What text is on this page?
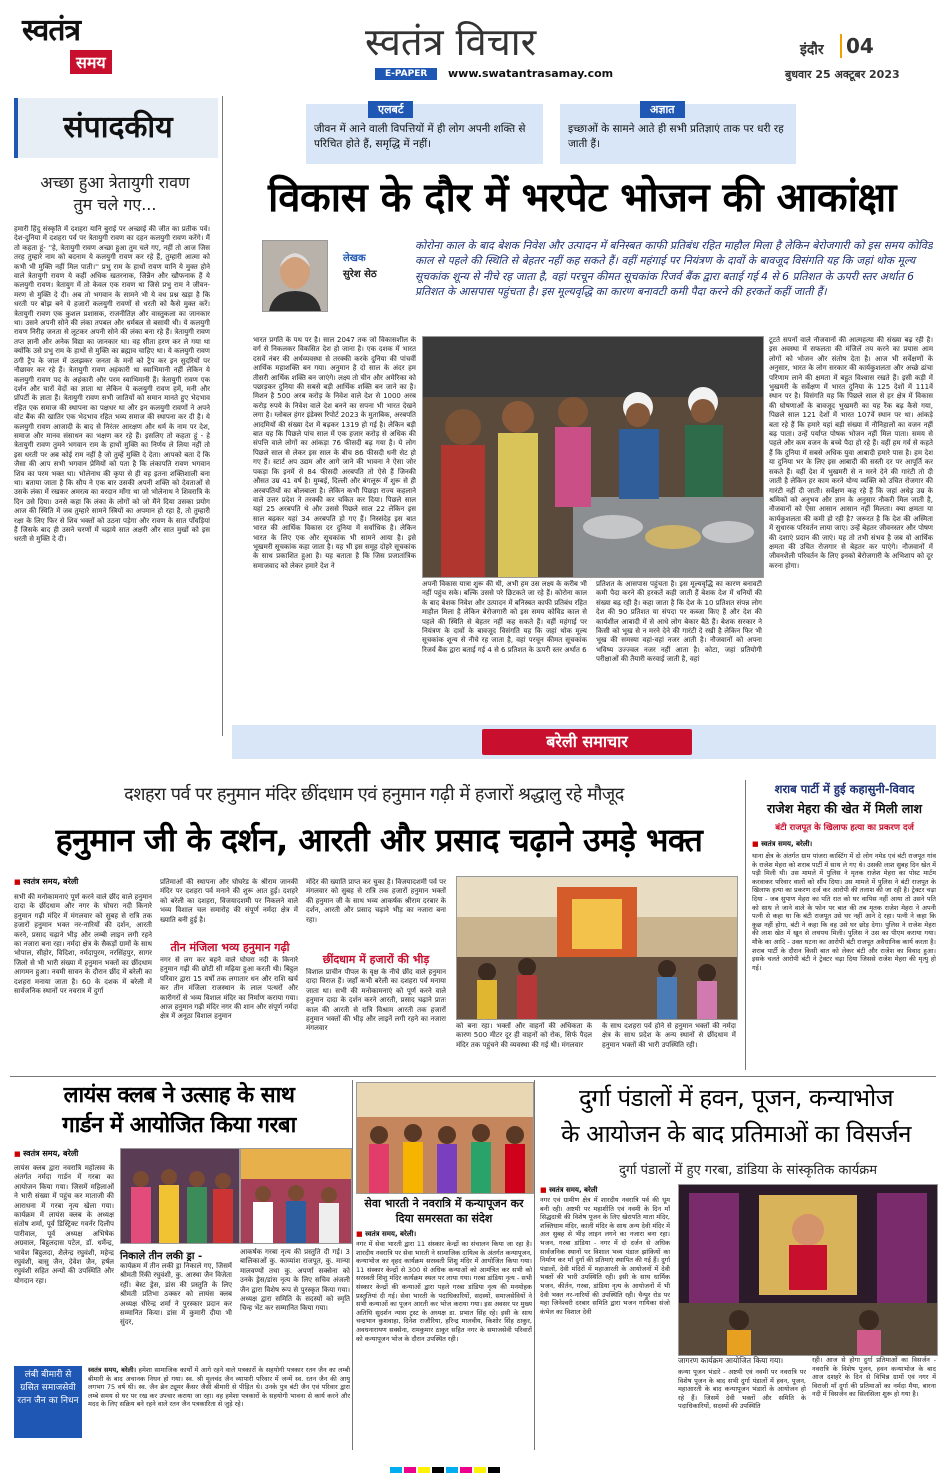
स्वतंत्र
समय	स्वतंत्र विचार
E-PAPER	www.swatantrasamay.com
इंदौर	04
बुधवार 25 अक्टूबर 2023
संपादकीय
अच्छा हुआ त्रेतायुगी रावण तुम चले गए...
हमारी हिंदु संस्कृति में दशहरा यानि बुराई पर अच्छाई की जीत का प्रतीक पर्व। देश-दुनिया में दशहरा पर्व पर त्रेतायुगी रावण का दहन कलयुगी रावण करेंगे। मैं तो कहता हूं- ''हे, त्रेतायुगी रावण अच्छा हुआ तुम चले गए, नहीं तो आज जिस तरह तुम्हारे नाम को बदनाम ये कलयुगी रावण कर रहे हैं, तुम्हारी आत्मा को कभी भी मुक्ति नहीं मिल पाती।'' प्रभु राम के हाथों रावण यानि ये मुक्त होने वाले त्रेतायुगी रावण ये कहीं अधिक खतरनाक, जिन्नैन और खौफनाक हैं ये कलयुगी रावण। त्रेतायुग में तो केवल एक रावण था जिसे प्रभु राम ने जीवन-मरण से मुक्ति दे दी। अब तो भगवान के सामने भी ये वध प्रश्न खड़ा है कि धरती पर बोझ बने ये हजारों कलयुगी रावणों से धरती को कैसे मुक्त करें। त्रेतायुगी रावण एक कुशल प्रशासक, राजनीतिज्ञ और वास्तुकला का जानकार था। उसने अपनी सोने की लंका तपबल और धर्मबल से बसायी थी। ये कलयुगी रावण निरीह जनता से लूटकर अपनी सोने की लंका बना रहे हैं। त्रेतायुगी रावण तप्त ज्ञानी और अनेक विद्या का जानकार था। वह सीता हरण कर ले गया था क्योंकि उसे प्रभु राम के हाथों से मुक्ति का ब्रह्माव चाहिए था। ये कलयुगी रावण ठगी ट्रैप के जाल में उलझकर जनता के मनों को ट्रैप कर इन सुदरियों पर नौछावर कर रहे हैं। त्रेतायुगी रावण अहंकारी था स्वाभिमानी नहीं लेकिन ये कलयुगी रावण पद के अहंकारी और परम स्वाभिमानी हैं। त्रेतायुगी रावण एक दर्शन और चारों वेदों का ज्ञाता था लेकिन ये कलयुगी रावण हमें, मनी और प्रॉपर्टी के ज्ञाता हैं। त्रेतायुगी रावण सभी जातियों को समान मानते हुए भेदभाव रहित एक समाज की स्थापना का पक्षधर था और इन कलयुगी रावणों ने अपने वोट बैंक की खातिर एक भेदभाव रहित भव्य समाज की स्थापना कर दी है। ये कलयुगी रावण आजादी के बाद से निरंतर आरक्षण और धर्म के नाम पर देश, समाज और मानव संसाधन का भक्षण कर रहे हैं। इसलिए तो कहता हूं - हे त्रेतायुगी रावण तुमने भगवान राम के हाथों मुक्ति का निर्णय ले लिया नहीं तो इस धरती पर अब कोई राम नहीं है जो तुम्हें मुक्ति दे देता। आपको बता दें कि जैसा की आप सभी भगवान प्रेमियों को पता है कि लंकापति रावण भगवान शिव का परम भक्त था। भोलेनाथ की कृपा से ही वह इतना शक्तिशाली बना था। बताया जाता है कि सौप ने एक बार उसकी अपनी शक्ति को देवताओं से उसके लंका में रखकर अमरत्व का वरदान माँगा था जो भोलेनाथ ने शिवरात्रि के दिन उसे दिया। उनसे कहा कि लंका के लोगों को जो मैंने दिया उसका प्रयोग आज की स्थिति में जब तुम्हारे सामने स्त्रियों का अपमान हो रहा है, तो तुम्हारी रक्षा के लिए फिर से शिव भक्तों को उठना पड़ेगा और रावण के सात पाँवड़ियां हैं जिसके बाद ही उसने चरणों में चढ़ाये सात अक्षरी और सात मुखों को इस धरती से मुक्ति दे दी।
एलबर्ट
जीवन में आने वाली विपत्तियों में ही लोग अपनी शक्ति से परिचित होते हैं, समृद्धि में नहीं।
अज्ञात
इच्छाओं के सामने आते ही सभी प्रतिज्ञाएं ताक पर धरी रह जाती हैं।
विकास के दौर में भरपेट भोजन की आकांक्षा
लेखक
सुरेश सेठ
कोरोना काल के बाद बेशक निवेश और उत्पादन में बनिस्बत काफी प्रतिबंध रहित माहौल मिला है लेकिन बेरोजगारी को इस समय कोविड काल से पहले की स्थिति से बेहतर नहीं कह सकते हैं। वहीं महंगाई पर नियंत्रण के दावों के बावजूद विसंगति यह कि जहां थोक मूल्य सूचकांक शून्य से नीचे रह जाता है, वहां परचून कीमत सूचकांक रिजर्व बैंक द्वारा बताई गई 4 से 6 प्रतिशत के ऊपरी स्तर अर्थात 6 प्रतिशत के आसपास पहुंचता है। इस मूल्यवृद्धि का कारण बनावटी कमी पैदा करने की हरकतें कहीं जाती हैं।
भारत प्रगति के पथ पर है। साल 2047 तक जो विकासशील के वर्ग से निकलकर विकसित देश हो जाना है। एक दशक में भारत दसवें नंबर की अर्थव्यवस्था से तरक्की करके दुनिया की पांचवीं आर्थिक महाशक्ति बन गया। अनुमान है दो साल के अंदर हम तीसरी आर्थिक शक्ति बन जाएंगे। लक्ष्य तो चीन और अमेरिका को पछाड़कर दुनिया की सबसे बड़ी आर्थिक शक्ति बन जाने का है। मिशन है 500 अरब करोड़ के निवेश वाले देश से 1000 अरब करोड़ रुपये के निवेश वाले देश बनने का सपना भी भारत देखने लगा है। ग्लोबल हंगर इंडेक्स रिपोर्ट 2023 के मुताबिक, अरबपति आदमियों की संख्या देश में बढ़कर 1319 हो गई है। लेकिन बड़ी बात यह कि पिछले पांच साल में एक हजार करोड़ से अधिक की संपत्ति वाले लोगों का आंकड़ा 76 फीसदी बढ़ गया है। ये लोग पिछले साल से लेकर इस साल के बीच 86 फीसदी धनी सेट हो गए हैं। स्टार्ट अप उद्यम और आगे जाने की भावना ने ऐसा जोर पकड़ा कि इनमें से 84 फीसदी अरबपति तो ऐसे हैं जिनकी औसत उम्र 41 वर्ष है। मुम्बई, दिल्ली और बंगलूरू में शुरू से ही अरबपतियों का बोलबाला है। लेकिन कभी पिछड़ा राज्य कहलाने वाले उत्तर प्रदेश ने तरक्की कर चकित कर दिया। पिछले साल यहां 25 अरबपति थे और उससे पिछले साल 22 लेकिन इस साल बढ़कर यहां 34 अरबपति हो गए हैं। निस्संदेह इस बात भारत की आर्थिक विकास दर दुनिया में सर्वाधिक है। लेकिन भारत के लिए एक और सूचकांक भी सामने आया है। इसे भूखमरी सूचकांक कहा जाता है। यह भी इस समूह दोहरे सूचकांक के साथ प्रकाशित हुआ है। यह बताता है कि जिस प्रजातांत्रिक समाजवाद को लेकर हमारे देश ने
अपनी विकास यात्रा शुरू की थी, अभी हम उस लक्ष्य के करीब भी नहीं पहुंच सके। बल्कि उससे परे छिटकते जा रहे हैं। कोरोना काल के बाद बेशक निवेश और उत्पादन में बनिस्बत काफी प्रतिबंध रहित माहौल मिला है लेकिन बेरोजगारी को इस समय कोविड काल से पहले की स्थिति से बेहतर नहीं कह सकते हैं। वहीं महंगाई पर नियंत्रण के दावों के बावजूद विसंगति यह कि जहां थोक मूल्य सूचकांक शून्य से नीचे रह जाता है, वहां परचून कीमत सूचकांक रिजर्व बैंक द्वारा बताई गई 4 से 6 प्रतिशत के ऊपरी स्तर अर्थात 6
प्रतिशत के आसपास पहुंचता है। इस मूल्यवृद्धि का कारण बनावटी कमी पैदा करने की हरकतें कही जाती हैं बेशक देश में धनियों की संख्या बढ़ रही है। कहा जाता है कि देश के 10 प्रतिशत संपन्न लोग देश की 90 प्रतिशत या संपदा पर कब्जा किए हैं और देश की कार्यशील आबादी में से आधे लोग बेकार बैठे हैं। बेशक सरकार ने किसी को भूख से न मरने देने की गारंटी दे रखी है लेकिन फिर भी भूख की समस्या वहां-वहां नजर आती है। नौजवानों को अपना भविष्य उज्ज्वल नजर नहीं आता है। कोटा, जहां प्रतियोगी परीक्षाओं की तैयारी करवाई जाती है, वहां
टूटते सपनों वाले नौजवानों की आत्महत्या की संख्या बढ़ रही है। इस अवस्था में सफलता की मंजिलें तय करने का प्रयास आम लोगों को भोजन और संतोष देता है। आज भी सर्वेक्षणों के अनुसार, भारत के लोग सरकार की कार्यकुशलता और अच्छे ढांचा परिणाम लाने की क्षमता में बहुत विश्वास रखते हैं। इसी कड़ी में भुखमरी के सर्वेक्षण में भारत दुनिया के 125 देशों में 111वें स्थान पर है। विसंगति यह कि पिछले साल से हर क्षेत्र में विकास की घोषणाओं के बावजूद भुखमरी का यह रैंक बढ़ कैसे गया, पिछले साल 121 देशों में भारत 107वें स्थान पर था। आंकड़े बता रहे हैं कि हमारे यहां बड़ी संख्या में नौनिहालों का वजन नहीं बढ़ पाता। उन्हें पर्याप्त पोषक भोजन नहीं मिल पाता। समय से पहले और कम वजन के बच्चे पैदा हो रहे हैं। वहीं हम गर्व से कहते हैं कि दुनिया में सबसे अधिक युवा आबादी हमारे पास है। हम देश या दुनिया भर के लिए इस आबादी की सस्ती दर पर आपूर्ति कर सकते हैं। वहीं देश में भुखमरी से न मरने देने की गारंटी तो दी जाती है लेकिन हर काम करने योग्य व्यक्ति को उचित रोजगार की गारंटी नहीं दी जाती। सर्वेक्षण कह रहे हैं कि जहां अधेड़ उम्र के श्रमिकों को अनुभव और ज्ञान के अनुसार नौकरी मिल जाती है, नौजवानों को ऐसा आसान आसान नहीं मिलता। क्या क्षमता या कार्यकुशलता की कमी हो रही है? जरूरत है कि देश की अस्मिता में सुधारक परिवर्तन लाया जाए। उन्हें बेहतर जीवनस्तर और पोषण की दशाएं प्रदान की जाएं। यह तो तभी संभव है जब वो आर्थिक क्षमता की उचित रोजगार से बेहतर कर पाएंगे। नौजवानों में जीवनशैली परिवर्तन के लिए इनको बेरोजगारी के अभिशाप को दूर करना होगा।
बरेली समाचार
दशहरा पर्व पर हनुमान मंदिर छींदधाम एवं हनुमान गढ़ी में हजारों श्रद्धालु रहे मौजूद
हनुमान जी के दर्शन, आरती और प्रसाद चढ़ाने उमड़े भक्त
■ स्वतंत्र समय, बरेली
सभी की मनोकामनाएं पूर्ण करने वाले छींद वाले हनुमान दादा के छींदधाम और नगर के घोघरा नदी किनारे हनुमान गढ़ी मंदिर में मंगलवार को सुबह से रात्रि तक हजारों हनुमान भक्त नर-नारियों की दर्शन, आरती करने, प्रसाद चढ़ाने भीड़ और लम्बी लाइन लगी रहने का नजारा बना रहा। नर्मदा क्षेत्र के सैकड़ों ग्रामों के साथ भोपाल, सीहोर, विदिशा, नर्मदापुरम, नरसिंहपुर, सागर जिलो से भी भारी संख्या में हनुमान भक्तों का छींदधाम आगमन हुआ। नवमी सावन के दौरान छींद में बरेली का दशहरा मनाया जाता है। 60 के दशक में बरेली में सार्वजनिक स्थानों पर नवरात्र में दुर्गा
प्रतिमाओं की स्थापना और घोघरेड के श्रीराम जानकी मंदिर पर दशहरा पर्व मनाने की शुरू आत हुई। दशहरे को बरेली का दशहरा, विजयादशमी पर निकलने वाले भव्य विशाल चल समारोह की संपूर्ण नर्मदा क्षेत्र में ख्याति बनी हुई है।
तीन मंजिला भव्य हनुमान गढ़ी
नगर से लग कर बहने वाले घोघरा नदी के किनारे हनुमान गढ़ी की छोटी सी मढ़िया हुआ करती थी। बिट्ठल परिवार द्वारा 15 वर्षों तक लगातार धन और राशि खर्च कर तीन मंजिला राजस्थान के लाल पत्थरों और कारीगरों से भव्य विशाल मंदिर का निर्माण कराया गया। आज हनुमान गढ़ी मंदिर नगर की शान और संपूर्ण नर्मदा क्षेत्र में अनूठा विशाल हनुमान
मंदिर की ख्याति प्राप्त कर चुका है। विजयादशमी पर्व पर मंगलवार को सुबह से रात्रि तक हजारों हनुमान भक्तों की हनुमान जी के साथ भव्य आकर्षक श्रीराम दरबार के दर्शन, आरती और प्रसाद चढ़ाने भीड़ का नजारा बना रहा।
छींदधाम में हजारों की भीड़
विशाल प्राचीन पीपल के वृक्ष के नीचे छींद वाले हनुमान दादा विराज हैं। जहाँ कभी बरेली का दशहरा पर्व मनाया जाता था। सभी की मनोकामनाएं को पूर्ण करने वाले हनुमान दादा के दर्शन करने आरती, प्रसाद चढ़ाने प्रातः काल की आरती से रात्रि विश्राम आरती तक हजारों हनुमान भक्तों की भीड़ और लाइनें लगी रहने का नजारा मंगलवार	को बना रहा। भक्तों और वाहनों की अधिकता के कारण 500 मीटर दूर ही वाहनों को रोक, सिर्फ पैदल मंदिर तक पहुंचने की व्यवस्था की गई थी। मंगलवार
के साथ दशहरा पर्व होने से हनुमान भक्तों की नर्मदा क्षेत्र के साथ प्रदेश के अन्य स्थानों से छींदधाम में हनुमान भक्तों की भारी उपस्थिति रही।
शराब पार्टी में हुई कहासुनी-विवाद
राजेश मेहरा की खेत में मिली लाश
बंटी राजपूत के खिलाफ हत्या का प्रकरण दर्ज
■ स्वतंत्र समय, बरेली।
थाना क्षेत्र के अंतर्गत ग्राम पांजरा कास्टिंग में दो लोग नमेड एवं बंटी राजपूत गांव के राजेश मेहरा को शराब पार्टी में साथ ले गए थे। उसकी लाश सुबह दिन खेत में पड़ी मिली थी। उस मामले में पुलिस ने मृतक राजेश मेहरा का पोस्ट मार्टम करवाकर परिवार वालों को सौंप दिया। उस मामले में पुलिस ने बंटी राजपूत के खिलाफ हत्या का प्रकरण दर्ज कर आरोपी की तलाश की जा रही है। ट्रेक्टर चढ़ा दिया - जब सुपाण मेहरा का पति रात को घर वापिस नहीं आया तो उसने पति को साथ ले जाने वाले के फोन पर बात की तब मृतक राजेश मेहरा ने अपनी पत्नी से कहा था कि बंटी राजपूत उसे घर नहीं आने दे रहा। पत्नी ने कहा कि कुछ नहीं होगा, बंटी ने कहा कि वह उसे घर छोड़ देगा। पुलिस ने राजेश मेहरा की लाश खेत में खून से लथपथ मिली। पुलिस ने उस का पीएम कराया गया। मौके का आदि - उक्त घटना का आरोपी बंटी राजपूत अवैधानिक कार्य करता है। शराब पार्टी के दौरान किसी बात को लेकर बंटी और राजेश का विवाद हुआ। इसके चलते आरोपी बंटी ने ट्रेक्टर चढ़ा दिया जिससे राजेश मेहरा की मृत्यु हो गई।
लायंस क्लब ने उत्साह के साथ
गार्डन में आयोजित किया गरबा
■ स्वतंत्र समय, बरेली
लायंस क्लब द्वारा नवरात्रि महोत्सव के अंतर्गत नर्मदा गार्डन में गरबा का आयोजन किया गया। जिसमें महिलाओं ने भारी संख्या में पहुंच कर माताजी की आराधना में गरबा नृत्य खेला गया। कार्यक्रम में लायंस क्लब के अध्यक्ष संतोष शर्मा, पूर्व डिस्ट्रिक्ट गवर्नर दिलीप पारीवाल, पूर्व अध्यक्ष अभिषेक अग्रवाल, बिट्ठलदास पटेल, डॉ. धर्मेन्द्र, भावेश बिट्ठलदा, शैलेन्द्र रघुवंशी, महेन्द्र रघुवंशी, बासु जैन, देवेश जैन, हर्षल रघुवंशी सहित अन्यों की उपस्थिति और योगदान रहा।
निकाले तीन लकी ड्रा -
कार्यक्रम में तीन लकी ड्रा निकाले गए, जिसमें श्रीमती रिंकी रघुवंशी, कु. आस्था जैन विजेता रहीं। बेस्ट ड्रेस, डांस की प्रस्तुति के लिए श्रीमती प्रतिभा ठक्कर को लायंस क्लब अध्यक्ष धीरेन्द्र शर्मा ने पुरस्कार प्रदान कर सम्मानित किया। डांस में कुमारी दीया भी सुंदर,
आकर्षक गरबा नृत्य की प्रस्तुति दी गई। 3 बालिकाओं कु. काव्यांश राजपूत, कु. मान्या मालवण्यों तथा कु. अपर्णा सक्सेना को उनके ड्रेस/डांस नृत्य के लिए सचिव अंजली जैन द्वारा विशेष रूप से पुरस्कृत किया गया। अध्यक्ष द्वारा समिति के सदस्यों को स्मृति चिन्ह भेंट कर सम्मानित किया गया।
सेवा भारती ने नवरात्रि में कन्यापूजन कर दिया समरसता का संदेश
■ स्वतंत्र समय, बरेली।
नगर में सेवा भारती द्वारा 11 संस्कार केन्द्रों का संचालन किया जा रहा है। शारदीय नवरात्रि पर सेवा भारती ने सामाजिक दायित्व के अंतर्गत कन्यापूजन, कन्याभोज का वृहद कार्यक्रम सरस्वती शिशु मंदिर में आयोजित किया गया। 11 संस्कार केन्द्रों से 300 से अधिक कन्याओं को आमंत्रित कर सभी को सरस्वती शिशु मंदिर कार्यक्रम स्थल पर लाया गया। गरबा डांडिया नृत्य - सभी संस्कार केन्द्रों की कन्याओं द्वारा पहले गरबा डांडिया नृत्य की मनमोहक प्रस्तुतियां दी गई। सेवा भारती के पदाधिकारियों, सदस्यों, समाजसेवियों ने सभी कन्याओं का पूजन आरती कर भोज कराया गया। इस अवसर पर मुख्य अतिथि सुदर्शन न्यास ट्रस्ट के अध्यक्ष डा. प्रभात सिंह रहे। इसी के साथ चन्द्रभान कुशवाहा, दिनेश राजौरिया, हरिन्द्र मालवीय, किशोर सिंह ठाकुर, अवधनारायण सक्सेना, रामकुमार ठाकुर सहित नगर के समाजसेवी परिवारों को कन्यापूजन भोज के दौरान उपस्थित रही।
दुर्गा पंडालों में हवन, पूजन, कन्याभोज
के आयोजन के बाद प्रतिमाओं का विसर्जन
दुर्गा पंडालों में हुए गरबा, डांडिया के सांस्कृतिक कार्यक्रम
■ स्वतंत्र समय, बरेली
नगर एवं ग्रामीण क्षेत्र में शारदीय नवरात्रि पर्व की धूम बनी रही। अष्टमी पर महाशीति एवं नवमी के दिन माँ सिद्धदात्री की विशेष पूजन के लिए खेरापति माता मंदिर, शक्तिधाम मंदिर, काली मंदिर के साथ अन्य देवी मंदिर में अल सुबह से भीड़ लाइन लगने का नजारा बना रहा। भजन, गरबा डांडिया - नगर में दो दर्जन से अधिक सार्वजनिक स्थानों पर विशाल भव्य पंडाल झांकियों का निर्माण कर माँ दुर्गा की प्रतिमाएं स्थापित की गई हैं। दुर्गा पंडालों, देवी मंदिरों में महाआरती के आयोजनों में देवी भक्तों की भारी उपस्थिति रही। इसी के साथ धार्मिक भजन, कीर्तन, गरबा, डांडिया नृत्य के आयोजनों में भी देवी भक्त नर-नारियों की उपस्थिति रही। चैन्पुर रोड पर महा जिनेश्वरी दरबार समिति द्वारा भजन गायिका संजो कंभेल का विशाल देवी
जागरण कार्यक्रम आयोजित किया गया।
कन्या पूजन भंडारे - अष्टमी एवं नवमी पर नवरात्रि पर विशेष पूजन के बाद सभी दुर्गा पंडालों में हवन, पूजन, महाआरती के बाद कन्यापूजन भंडारों के आयोजन हो रहे हैं। जिसमें देवी भक्तों और समिति के पदाधिकारियों, सदस्यों की उपस्थिति
रही। आज से होगा दुर्गा प्रतिमाओं का विसर्जन - नवरात्रि के विशेष पूजन, हवन कन्याभोज के बाद आज दशहरे के दिन से विभिन्न ग्रामों एवं नगर में विराजी माँ दुर्गा की प्रतिमाओं का नर्मदा मैया, बारना नदी में विसर्जन का सिलसिला शुरू हो गया है।
लंबी बीमारी से ग्रसित समाजसेवी रतन जैन का निधन
स्वतंत्र समय, बरेली। हमेशा सामाजिक कार्यों में आगे रहने वाले पत्रकारों के सहयोगी पत्रकार रतन जैन का लम्बी बीमारी के बाद अचानक निधन हो गया। स्व. श्री मूलचंद जैन व्यापारी परिवार में जन्में स्व. रतन जैन की आयु लगभग 75 वर्ष थी। स्व. जैन ब्रेन ट्यूमर कैंसर जैसी बीमारी से पीड़ित थे। उनके पुत्र बंटी जैन एवं परिवार द्वारा लम्बे समय से घर पर रख कर उपचार कराया जा रहा। वह हमेशा पत्रकारों के सहयोगी भावना से कार्य करने और मदद के लिए सक्रिय बने रहने वाले रतन जैन पत्रकारिता से जुड़े रहे।
